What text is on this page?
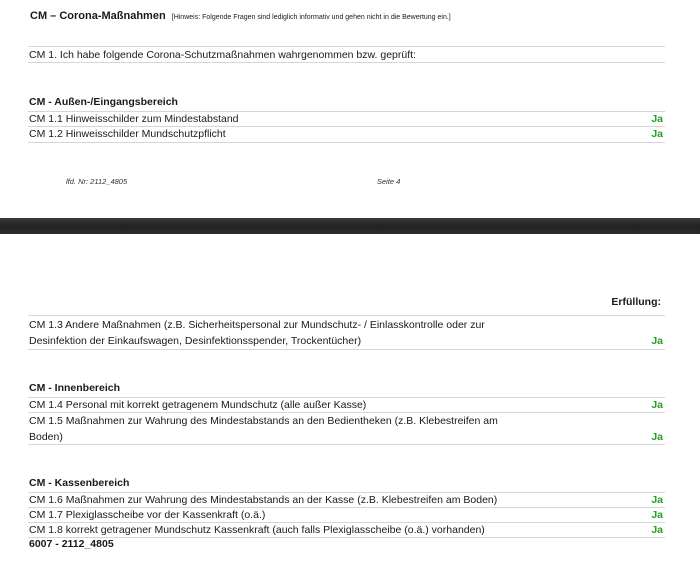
CM – Corona-Maßnahmen [Hinweis: Folgende Fragen sind lediglich informativ und gehen nicht in die Bewertung ein.]
CM 1. Ich habe folgende Corona-Schutzmaßnahmen wahrgenommen bzw. geprüft:
CM - Außen-/Eingangsbereich
CM 1.1 Hinweisschilder zum Mindestabstand	Ja
CM 1.2 Hinweisschilder Mundschutzpflicht	Ja
lfd. Nr: 2112_4805	Seite 4
Erfüllung:
CM 1.3 Andere Maßnahmen (z.B. Sicherheitspersonal zur Mundschutz- / Einlasskontrolle oder zur
Desinfektion der Einkaufswagen, Desinfektionsspender, Trockentücher)	Ja
CM - Innenbereich
CM 1.4 Personal mit korrekt getragenem Mundschutz (alle außer Kasse)	Ja
CM 1.5 Maßnahmen zur Wahrung des Mindestabstands an den Bedientheken (z.B. Klebestreifen am
Boden)	Ja
CM - Kassenbereich
CM 1.6 Maßnahmen zur Wahrung des Mindestabstands an der Kasse (z.B. Klebestreifen am Boden)	Ja
CM 1.7 Plexiglasscheibe vor der Kassenkraft (o.ä.)	Ja
CM 1.8 korrekt getragener Mundschutz Kassenkraft (auch falls Plexiglasscheibe (o.ä.) vorhanden)	Ja
6007 - 2112_4805
